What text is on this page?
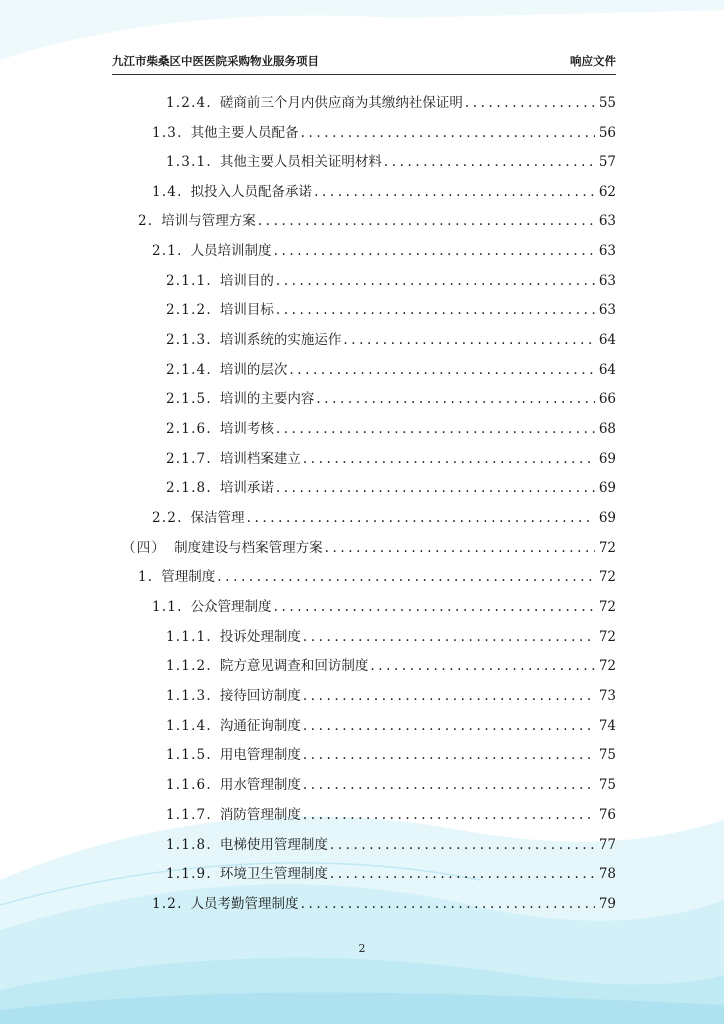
九江市柴桑区中医医院采购物业服务项目	响应文件
1.2.4. 磋商前三个月内供应商为其缴纳社保证明 .....	55
1.3. 其他主要人员配备 .....	56
1.3.1. 其他主要人员相关证明材料 .....	57
1.4. 拟投入人员配备承诺 .....	62
2. 培训与管理方案 .....	63
2.1. 人员培训制度 .....	63
2.1.1. 培训目的 .....	63
2.1.2. 培训目标 .....	63
2.1.3. 培训系统的实施运作 .....	64
2.1.4. 培训的层次 .....	64
2.1.5. 培训的主要内容 .....	66
2.1.6. 培训考核 .....	68
2.1.7. 培训档案建立 .....	69
2.1.8. 培训承诺 .....	69
2.2. 保洁管理 .....	69
（四） 制度建设与档案管理方案 .....	72
1. 管理制度 .....	72
1.1. 公众管理制度 .....	72
1.1.1. 投诉处理制度 .....	72
1.1.2. 院方意见调查和回访制度 .....	72
1.1.3. 接待回访制度 .....	73
1.1.4. 沟通征询制度 .....	74
1.1.5. 用电管理制度 .....	75
1.1.6. 用水管理制度 .....	75
1.1.7. 消防管理制度 .....	76
1.1.8. 电梯使用管理制度 .....	77
1.1.9. 环境卫生管理制度 .....	78
1.2. 人员考勤管理制度 .....	79
2
